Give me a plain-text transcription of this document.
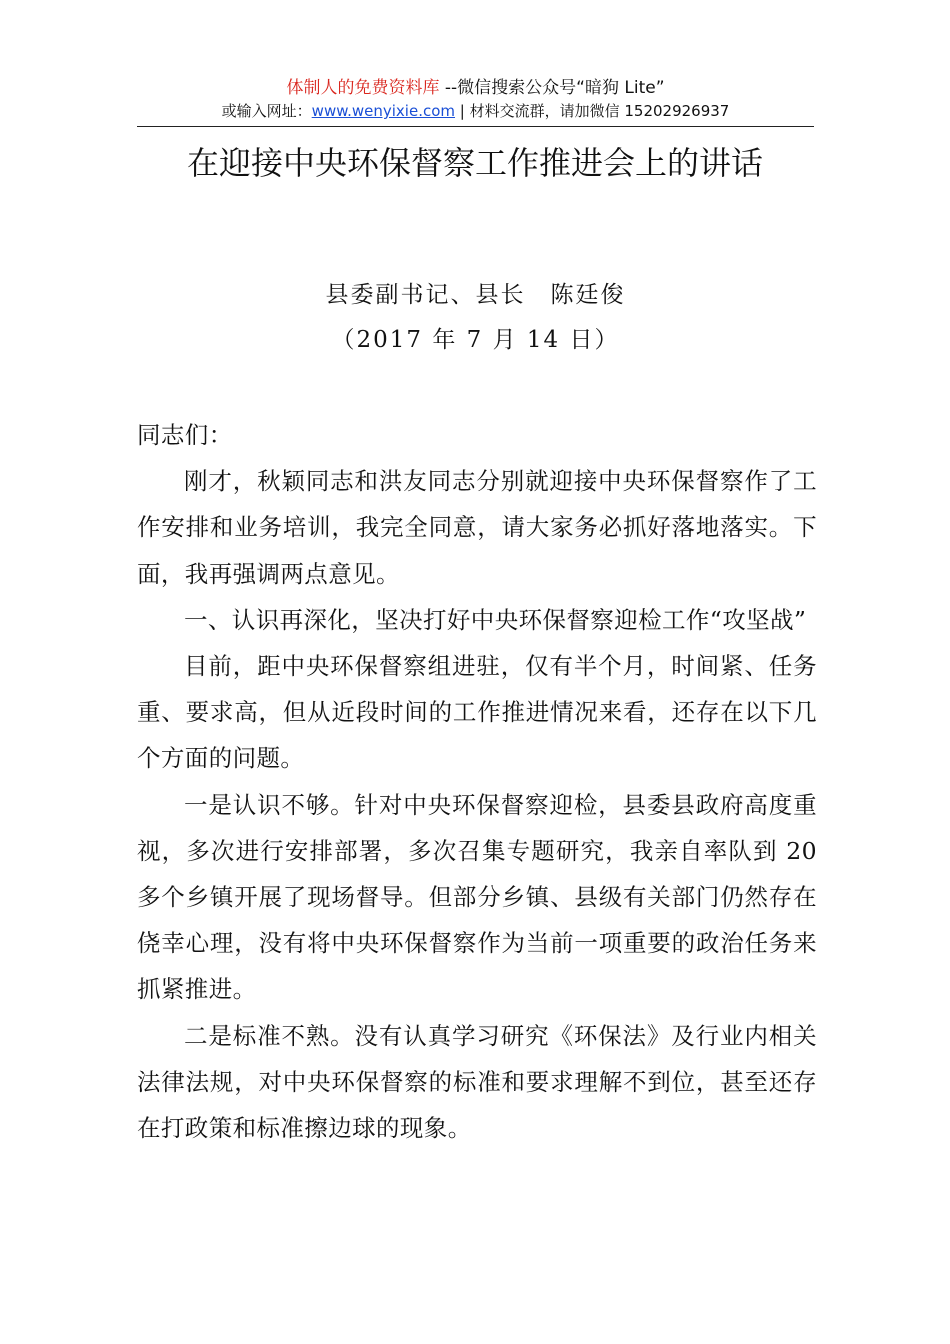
体制人的免费资料库 --微信搜索公众号“暗狗 Lite”
或输入网址：www.wenyixie.com | 材料交流群，请加微信 15202926937
在迎接中央环保督察工作推进会上的讲话
县委副书记、县长　陈廷俊
（2017 年 7 月 14 日）

同志们：

刚才，秋颖同志和洪友同志分别就迎接中央环保督察作了工作安排和业务培训，我完全同意，请大家务必抓好落地落实。下面，我再强调两点意见。

一、认识再深化，坚决打好中央环保督察迎检工作“攻坚战”

目前，距中央环保督察组进驻，仅有半个月，时间紧、任务重、要求高，但从近段时间的工作推进情况来看，还存在以下几个方面的问题。

一是认识不够。针对中央环保督察迎检，县委县政府高度重视，多次进行安排部署，多次召集专题研究，我亲自率队到 20 多个乡镇开展了现场督导。但部分乡镇、县级有关部门仍然存在侥幸心理，没有将中央环保督察作为当前一项重要的政治任务来抓紧推进。

二是标准不熟。没有认真学习研究《环保法》及行业内相关法律法规，对中央环保督察的标准和要求理解不到位，甚至还存在打政策和标准擦边球的现象。
